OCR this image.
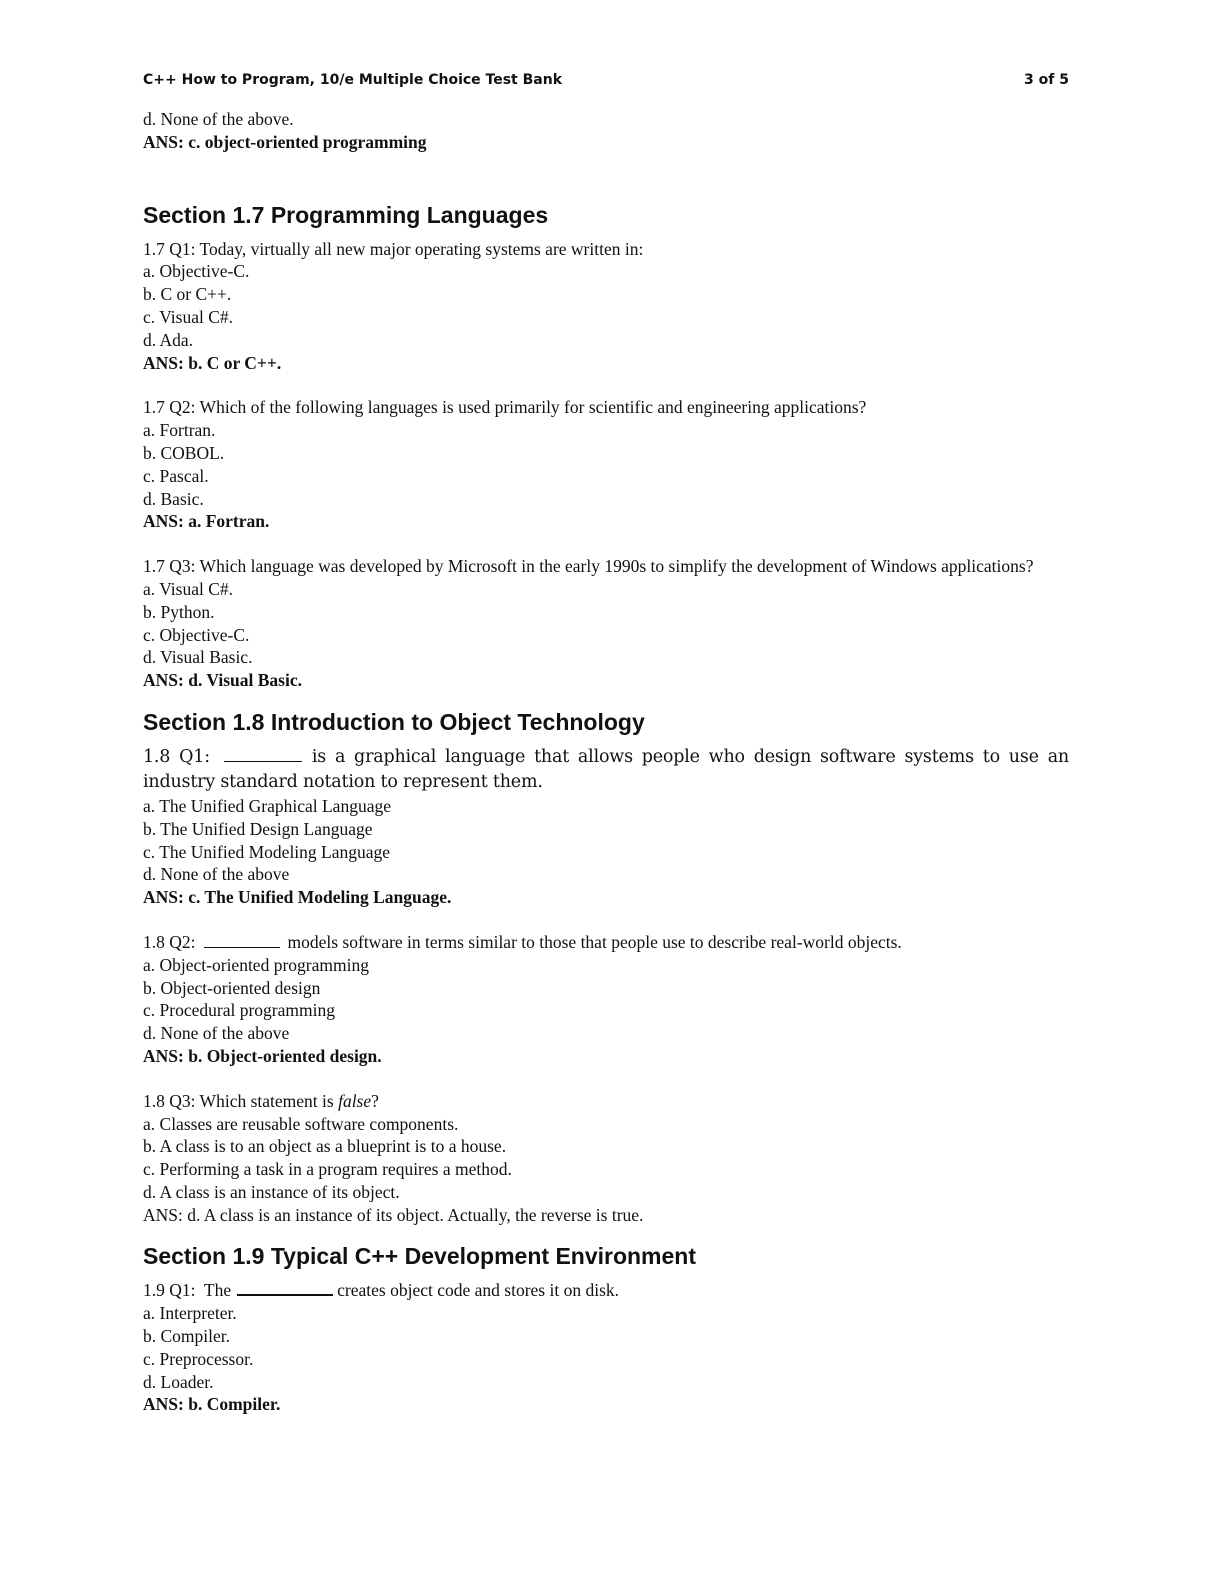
C++ How to Program, 10/e Multiple Choice Test Bank	3 of 5

d. None of the above.

ANS: c. object-oriented programming

Section 1.7 Programming Languages

1.7 Q1: Today, virtually all new major operating systems are written in:

a. Objective-C.

b. C or C++.

c. Visual C#.

d. Ada.

ANS: b. C or C++.

1.7 Q2: Which of the following languages is used primarily for scientific and engineering applications?

a. Fortran.

b. COBOL.

c. Pascal.

d. Basic.

ANS: a. Fortran.

1.7 Q3: Which language was developed by Microsoft in the early 1990s to simplify the development of Windows applications?

a. Visual C#.

b. Python.

c. Objective-C.

d. Visual Basic.

ANS: d. Visual Basic.

Section 1.8 Introduction to Object Technology

1.8 Q1:	is a graphical language that allows people who design software systems to use an industry standard notation to represent them.

a. The Unified Graphical Language

b. The Unified Design Language

c. The Unified Modeling Language

d. None of the above

ANS: c. The Unified Modeling Language.

1.8 Q2:	models software in terms similar to those that people use to describe real-world objects.

a. Object-oriented programming

b. Object-oriented design

c. Procedural programming

d. None of the above

ANS: b. Object-oriented design.

1.8 Q3: Which statement is false?

a. Classes are reusable software components.

b. A class is to an object as a blueprint is to a house.

c. Performing a task in a program requires a method.

d. A class is an instance of its object.

ANS: d. A class is an instance of its object. Actually, the reverse is true.

Section 1.9 Typical C++ Development Environment

1.9 Q1:  The	creates object code and stores it on disk.

a. Interpreter.

b. Compiler.

c. Preprocessor.

d. Loader.

ANS: b. Compiler.
